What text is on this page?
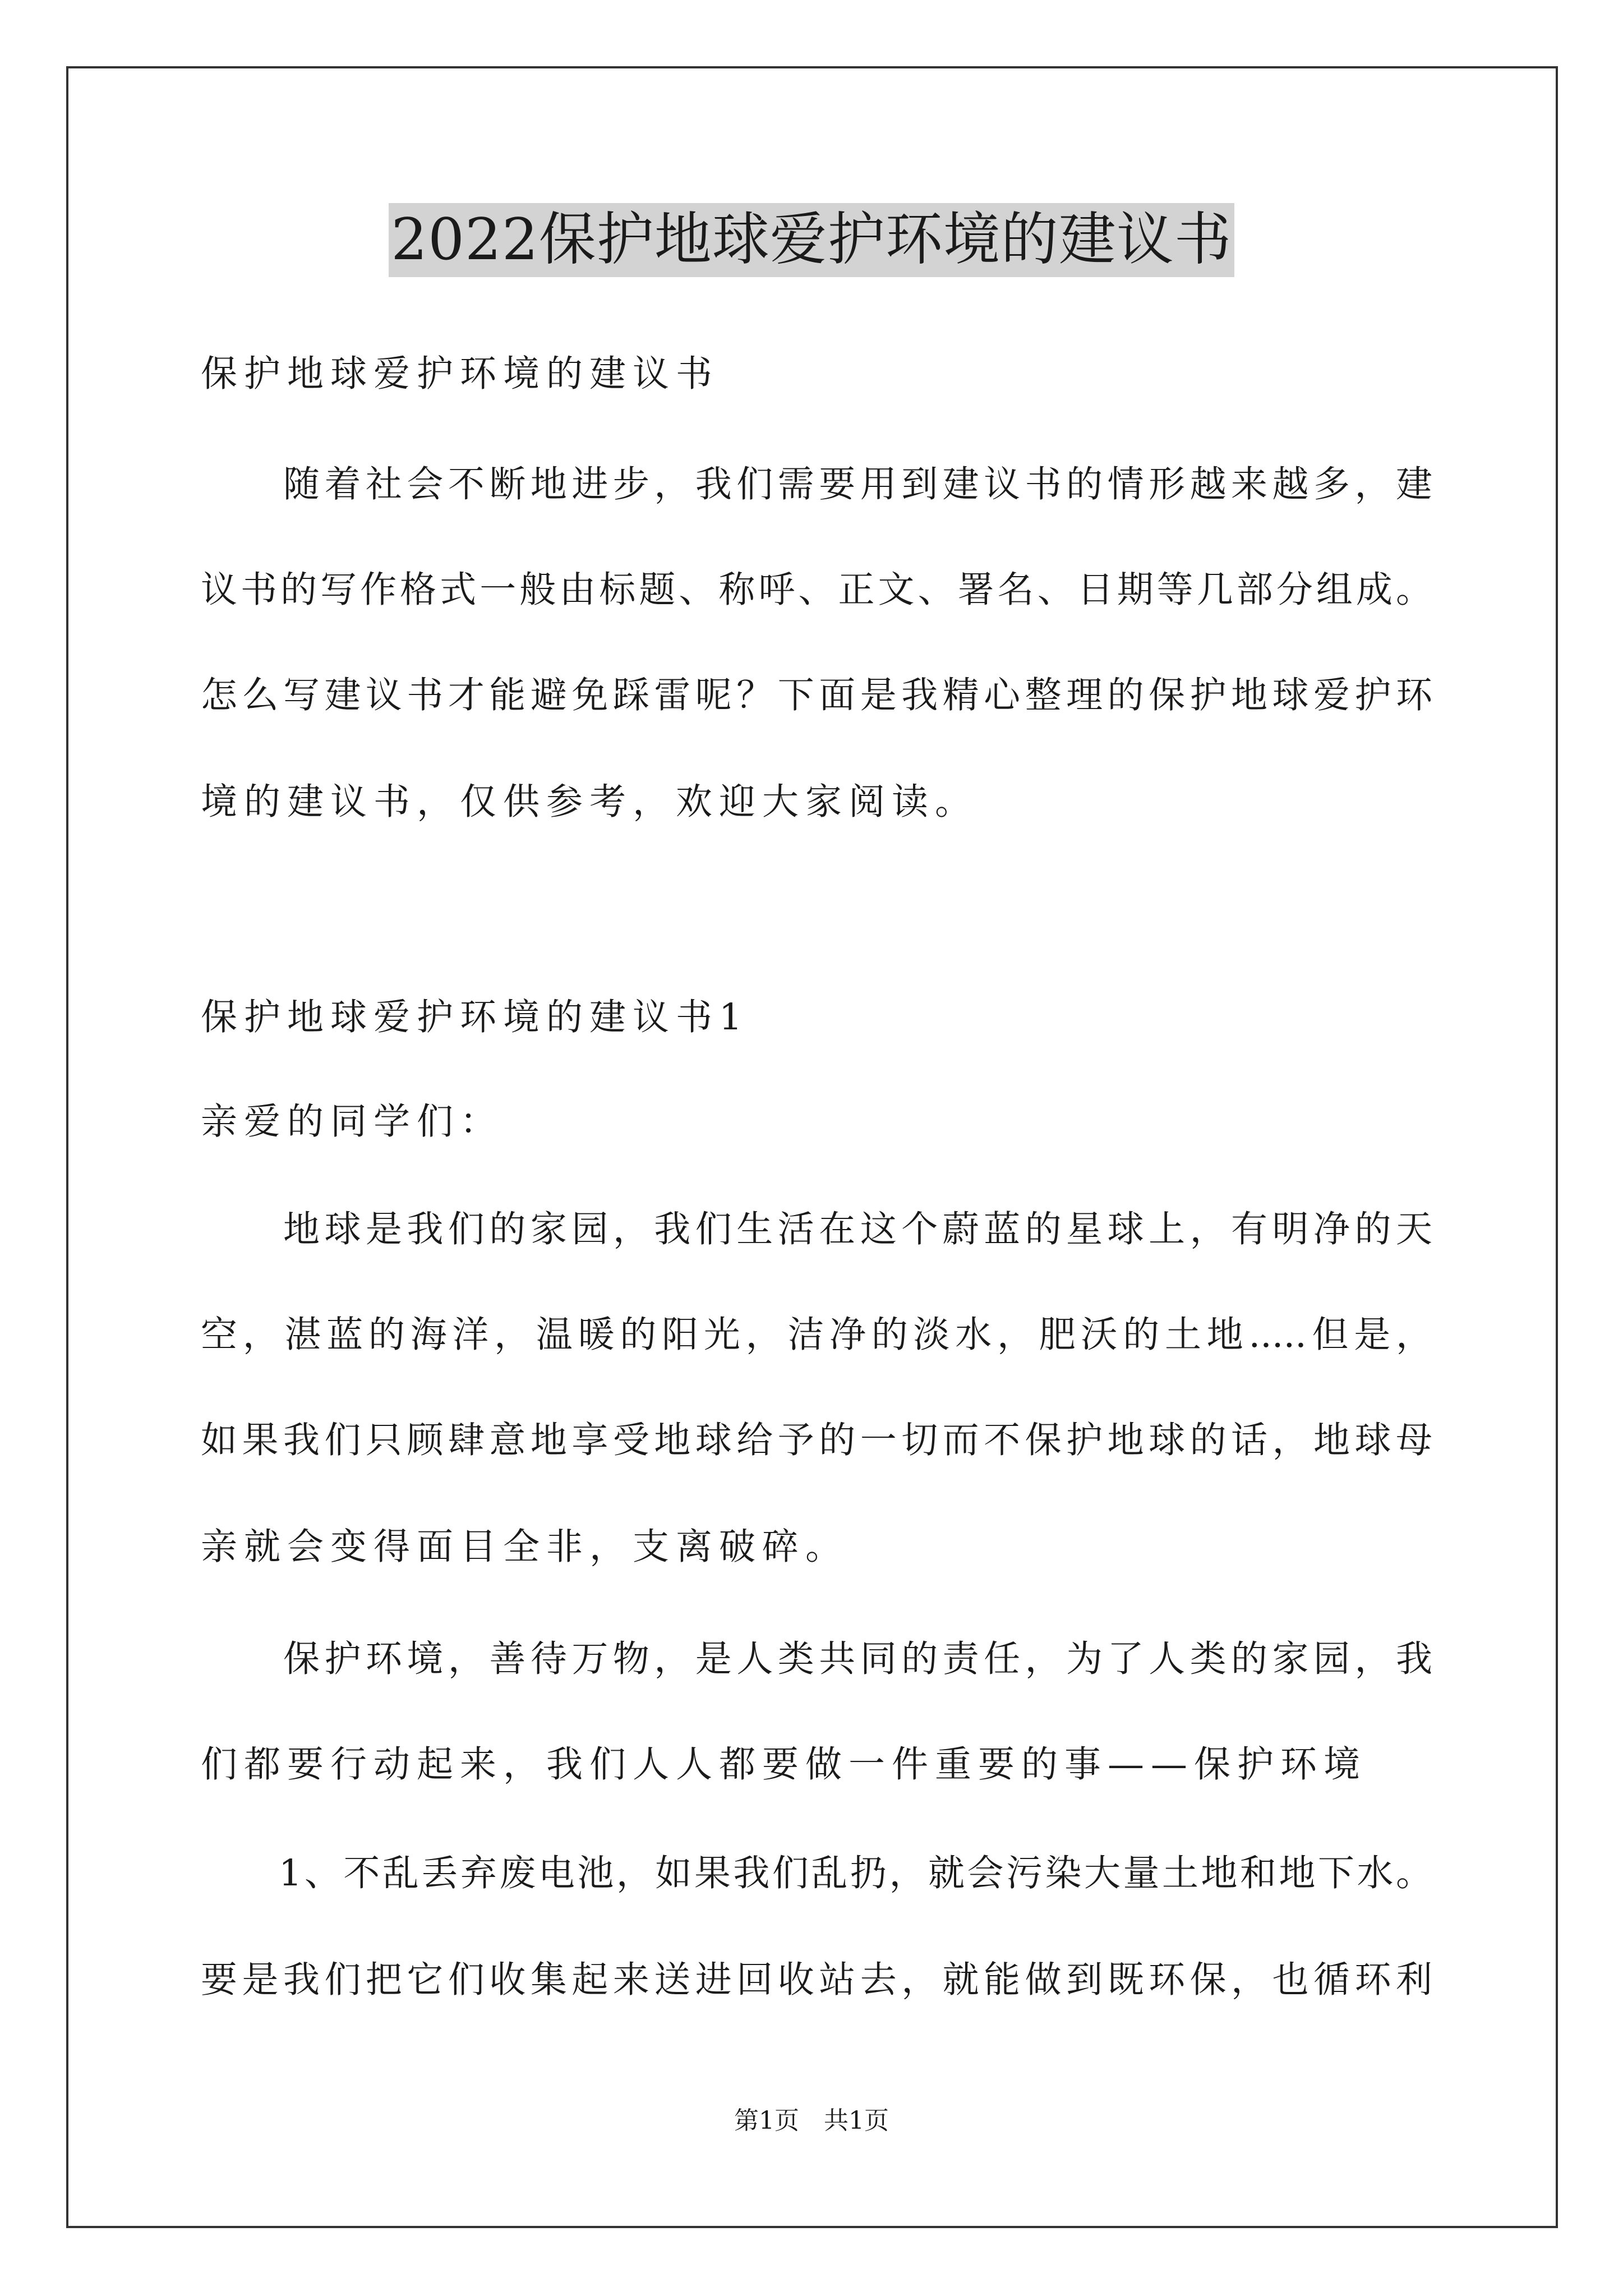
2022保护地球爱护环境的建议书
保护地球爱护环境的建议书
　　随着社会不断地进步，我们需要用到建议书的情形越来越多，建
议书的写作格式一般由标题、称呼、正文、署名、日期等几部分组成。
怎么写建议书才能避免踩雷呢？下面是我精心整理的保护地球爱护环
境的建议书，仅供参考，欢迎大家阅读。
保护地球爱护环境的建议书1
亲爱的同学们：
　　地球是我们的家园，我们生活在这个蔚蓝的星球上，有明净的天
空，湛蓝的海洋，温暖的阳光，洁净的淡水，肥沃的土地.....但是，
如果我们只顾肆意地享受地球给予的一切而不保护地球的话，地球母
亲就会变得面目全非，支离破碎。
　　保护环境，善待万物，是人类共同的责任，为了人类的家园，我
们都要行动起来，我们人人都要做一件重要的事——保护环境
　　1、不乱丢弃废电池，如果我们乱扔，就会污染大量土地和地下水。
要是我们把它们收集起来送进回收站去，就能做到既环保，也循环利
第1页　共1页
